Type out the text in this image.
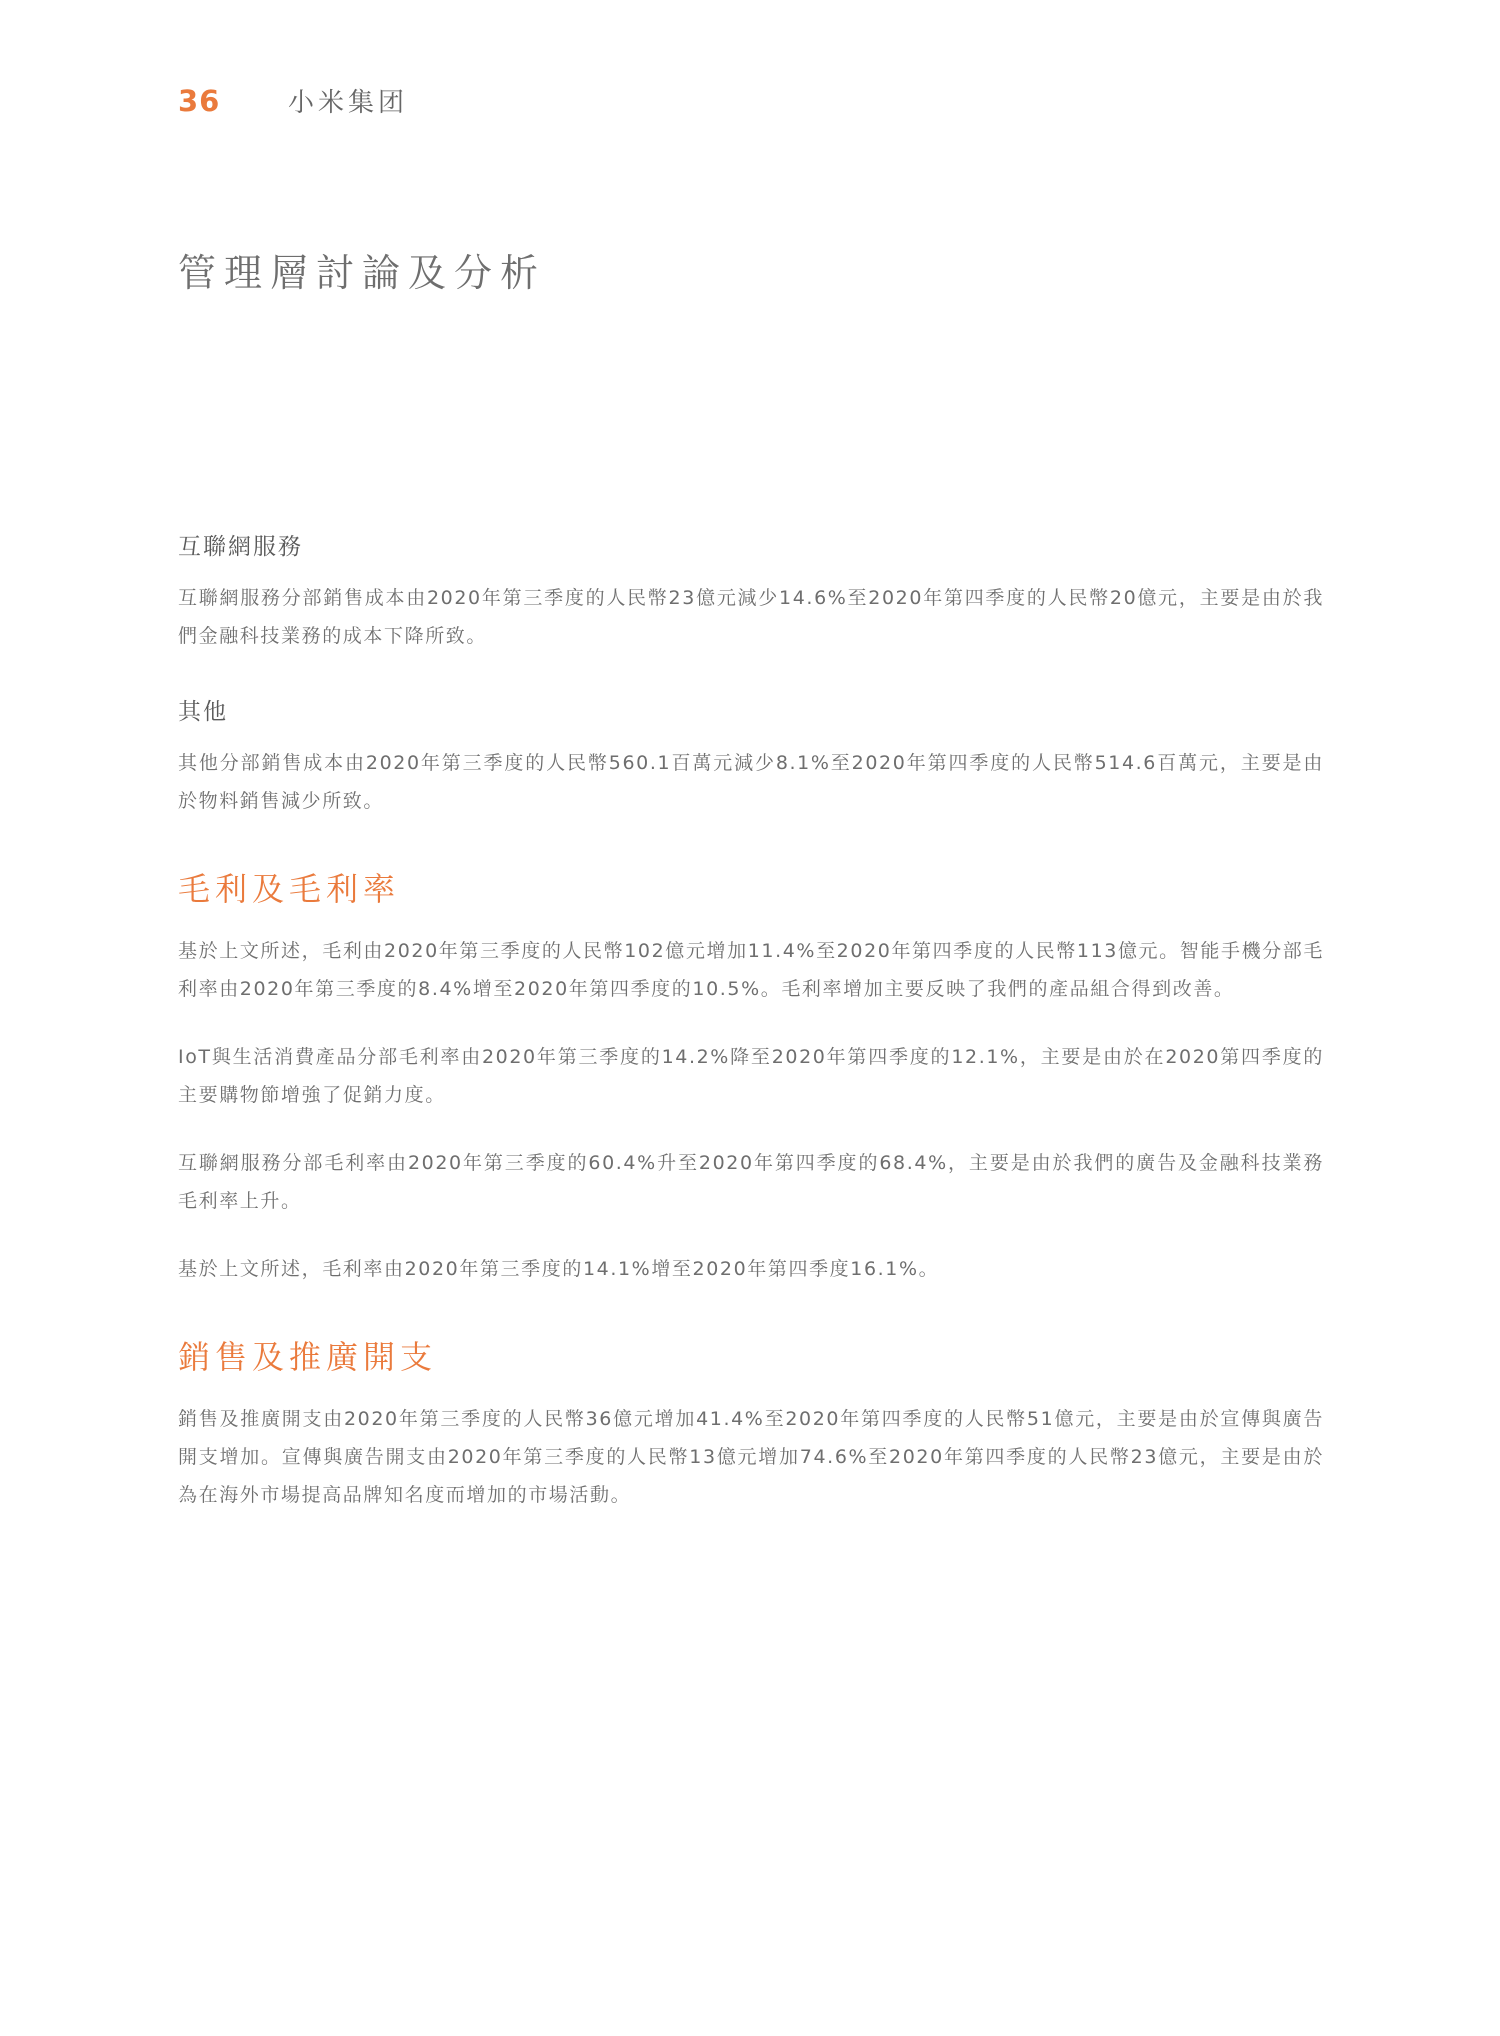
36	小米集团
管理層討論及分析
互聯網服務

互聯網服務分部銷售成本由2020年第三季度的人民幣23億元減少14.6%至2020年第四季度的人民幣20億元，主要是由於我們金融科技業務的成本下降所致。

其他

其他分部銷售成本由2020年第三季度的人民幣560.1百萬元減少8.1%至2020年第四季度的人民幣514.6百萬元，主要是由於物料銷售減少所致。

毛利及毛利率

基於上文所述，毛利由2020年第三季度的人民幣102億元增加11.4%至2020年第四季度的人民幣113億元。智能手機分部毛利率由2020年第三季度的8.4%增至2020年第四季度的10.5%。毛利率增加主要反映了我們的產品組合得到改善。

IoT與生活消費產品分部毛利率由2020年第三季度的14.2%降至2020年第四季度的12.1%，主要是由於在2020第四季度的主要購物節增強了促銷力度。

互聯網服務分部毛利率由2020年第三季度的60.4%升至2020年第四季度的68.4%，主要是由於我們的廣告及金融科技業務毛利率上升。

基於上文所述，毛利率由2020年第三季度的14.1%增至2020年第四季度16.1%。

銷售及推廣開支

銷售及推廣開支由2020年第三季度的人民幣36億元增加41.4%至2020年第四季度的人民幣51億元，主要是由於宣傳與廣告開支增加。宣傳與廣告開支由2020年第三季度的人民幣13億元增加74.6%至2020年第四季度的人民幣23億元，主要是由於為在海外市場提高品牌知名度而增加的市場活動。
